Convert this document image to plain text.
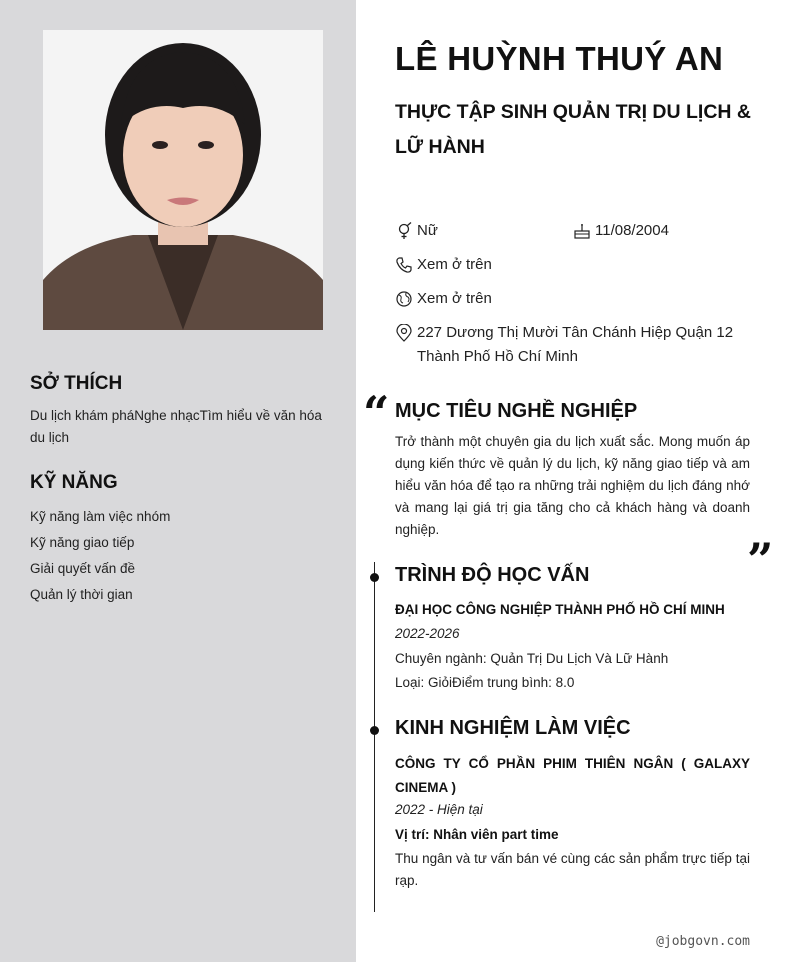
SỞ THÍCH
Du lịch khám pháNghe nhạcTìm hiểu về văn hóa du lịch
KỸ NĂNG
Kỹ năng làm việc nhóm
Kỹ năng giao tiếp
Giải quyết vấn đề
Quản lý thời gian
LÊ HUỲNH THUÝ AN
THỰC TẬP SINH QUẢN TRỊ DU LỊCH & LỮ HÀNH
Nữ	11/08/2004
Xem ở trên
Xem ở trên
227 Dương Thị Mười Tân Chánh Hiệp Quận 12 Thành Phố Hồ Chí Minh
“ MỤC TIÊU NGHỀ NGHIỆP
Trở thành một chuyên gia du lịch xuất sắc. Mong muốn áp dụng kiến thức về quản lý du lịch, kỹ năng giao tiếp và am hiểu văn hóa để tạo ra những trải nghiệm du lịch đáng nhớ và mang lại giá trị gia tăng cho cả khách hàng và doanh nghiệp.
”
TRÌNH ĐỘ HỌC VẤN
ĐẠI HỌC CÔNG NGHIỆP THÀNH PHỐ HỒ CHÍ MINH
2022-2026
Chuyên ngành: Quản Trị Du Lịch Và Lữ Hành
Loại: GiỏiĐiểm trung bình: 8.0
KINH NGHIỆM LÀM VIỆC
CÔNG TY CỔ PHẦN PHIM THIÊN NGÂN ( GALAXY CINEMA )
2022 - Hiện tại
Vị trí: Nhân viên part time
Thu ngân và tư vấn bán vé cùng các sản phẩm trực tiếp tại rạp.
@jobgovn.com
